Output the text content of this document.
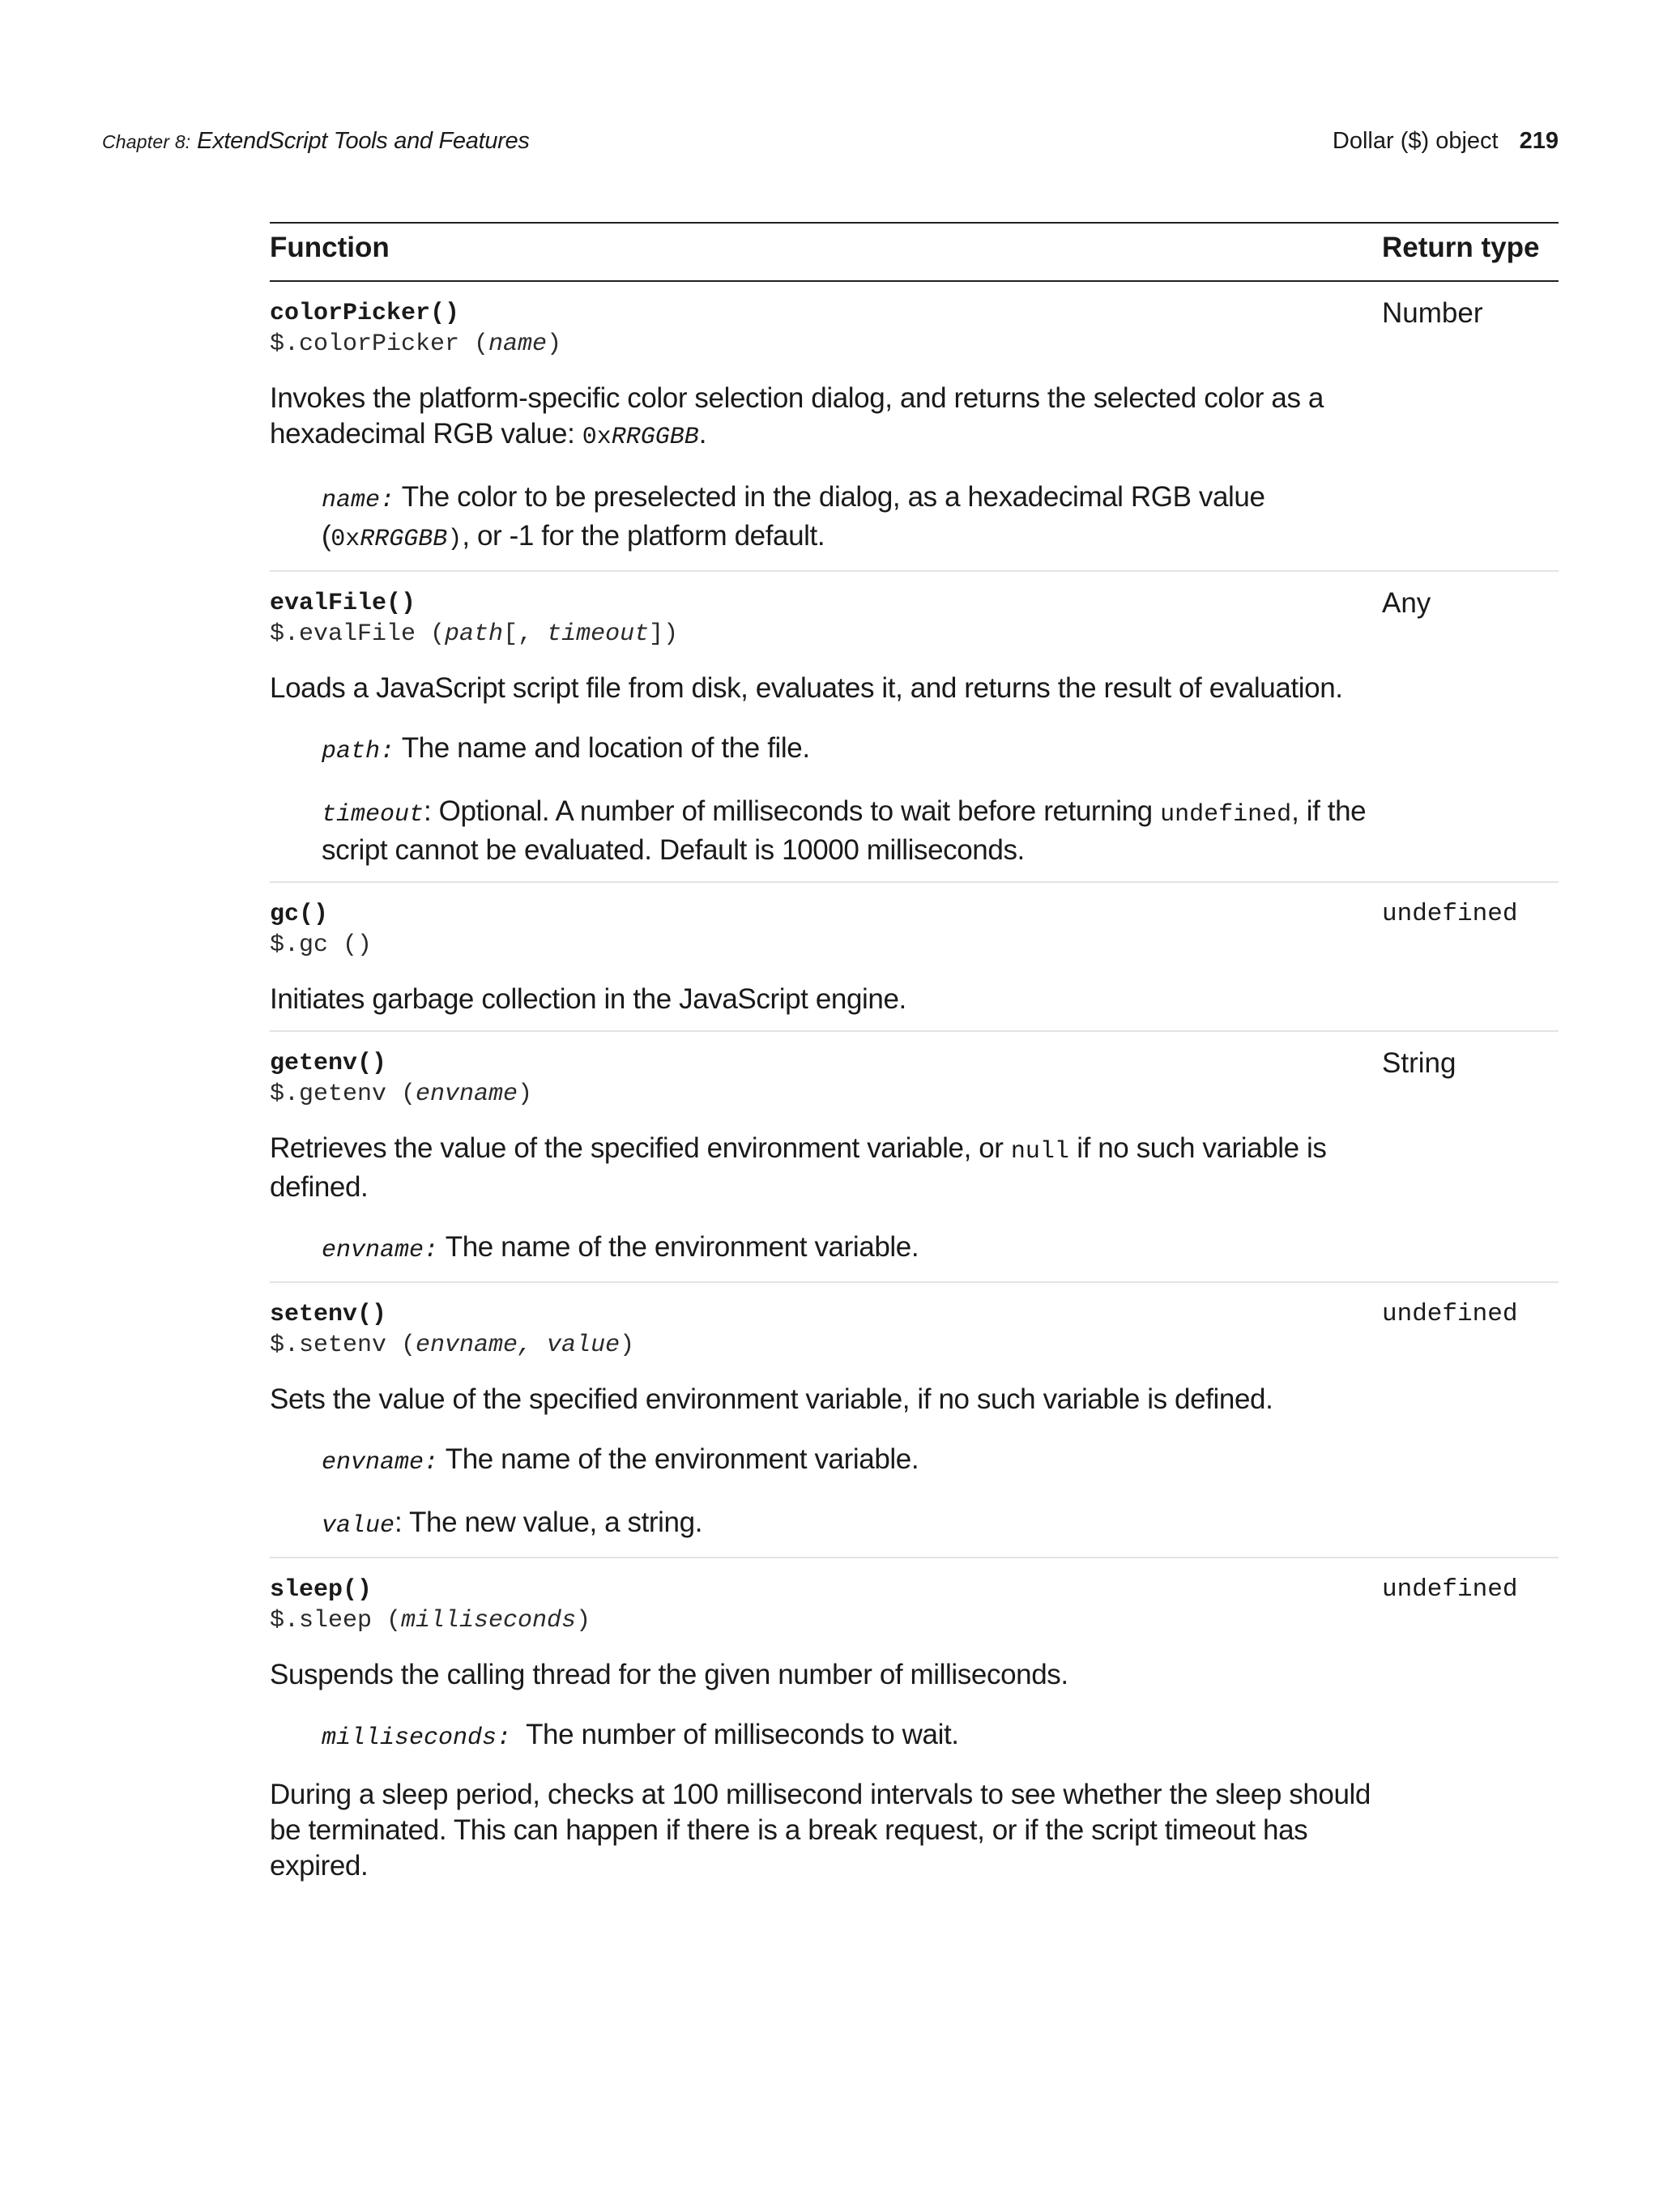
Chapter 8: ExtendScript Tools and Features	Dollar ($) object 219
Function	Return type
colorPicker()
$.colorPicker (name)

Invokes the platform-specific color selection dialog, and returns the selected color as a hexadecimal RGB value: 0xRRGGBB.

name: The color to be preselected in the dialog, as a hexadecimal RGB value (0xRRGGBB), or -1 for the platform default.

Number
evalFile()
$.evalFile (path[, timeout])

Loads a JavaScript script file from disk, evaluates it, and returns the result of evaluation.

path: The name and location of the file.

timeout: Optional. A number of milliseconds to wait before returning undefined, if the script cannot be evaluated. Default is 10000 milliseconds.

Any
gc()
$.gc ()

Initiates garbage collection in the JavaScript engine.

undefined
getenv()
$.getenv (envname)

Retrieves the value of the specified environment variable, or null if no such variable is defined.

envname: The name of the environment variable.

String
setenv()
$.setenv (envname, value)

Sets the value of the specified environment variable, if no such variable is defined.

envname: The name of the environment variable.

value: The new value, a string.

undefined
sleep()
$.sleep (milliseconds)

Suspends the calling thread for the given number of milliseconds.

milliseconds:  The number of milliseconds to wait.

During a sleep period, checks at 100 millisecond intervals to see whether the sleep should be terminated. This can happen if there is a break request, or if the script timeout has expired.

undefined
